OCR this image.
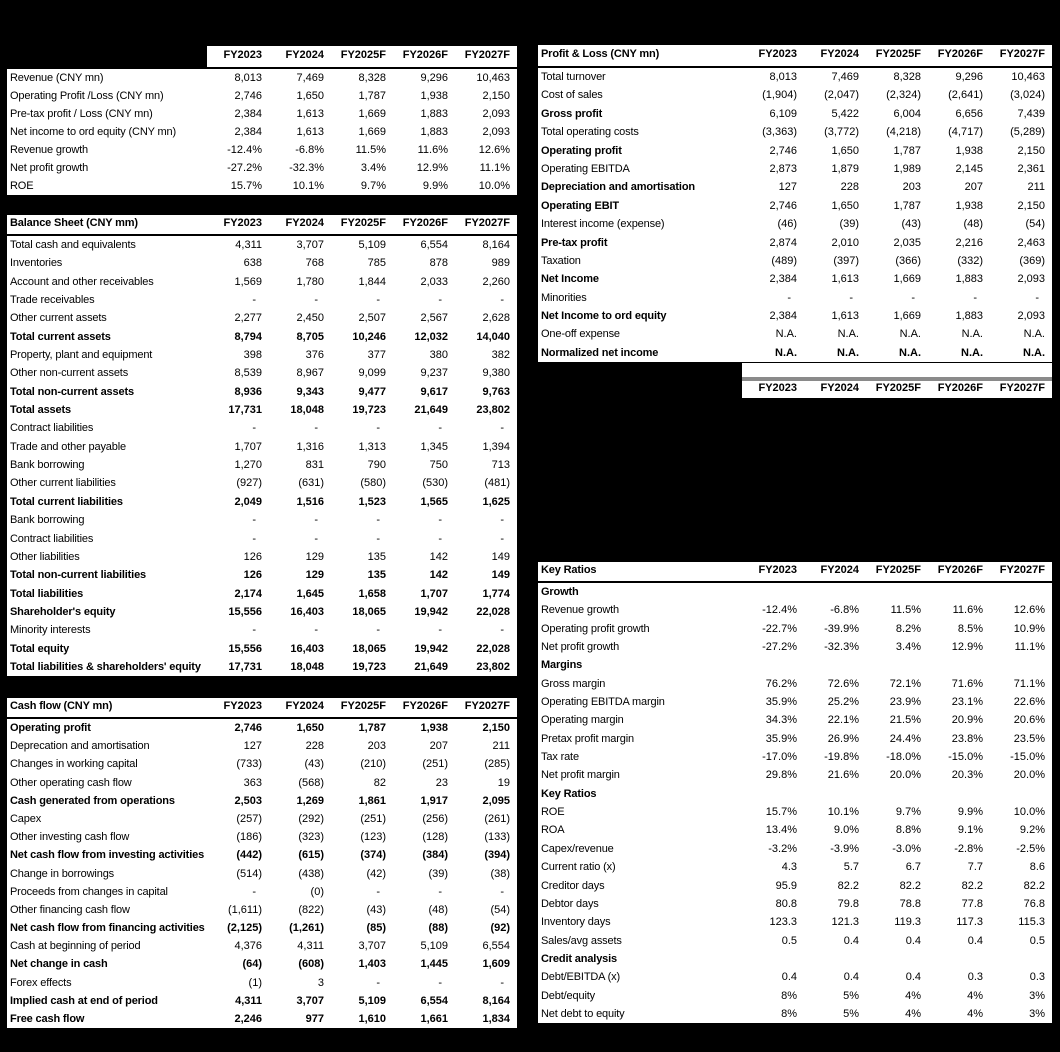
FY2023	FY2024	FY2025F	FY2026F	FY2027F
Revenue (CNY mn)	8,013	7,469	8,328	9,296	10,463
Operating Profit /Loss (CNY mn)	2,746	1,650	1,787	1,938	2,150
Pre-tax profit / Loss (CNY mn)	2,384	1,613	1,669	1,883	2,093
Net income to ord equity (CNY mn)	2,384	1,613	1,669	1,883	2,093
Revenue growth	-12.4%	-6.8%	11.5%	11.6%	12.6%
Net profit growth	-27.2%	-32.3%	3.4%	12.9%	11.1%
ROE	15.7%	10.1%	9.7%	9.9%	10.0%
Balance Sheet (CNY mm)	FY2023	FY2024	FY2025F	FY2026F	FY2027F
Total cash and equivalents	4,311	3,707	5,109	6,554	8,164
Inventories	638	768	785	878	989
Account and other receivables	1,569	1,780	1,844	2,033	2,260
Trade receivables	-	-	-	-	-
Other current assets	2,277	2,450	2,507	2,567	2,628
Total current assets	8,794	8,705	10,246	12,032	14,040
Property, plant and equipment	398	376	377	380	382
Other non-current assets	8,539	8,967	9,099	9,237	9,380
Total non-current assets	8,936	9,343	9,477	9,617	9,763
Total assets	17,731	18,048	19,723	21,649	23,802
Contract liabilities	-	-	-	-	-
Trade and other payable	1,707	1,316	1,313	1,345	1,394
Bank borrowing	1,270	831	790	750	713
Other current liabilities	(927)	(631)	(580)	(530)	(481)
Total current liabilities	2,049	1,516	1,523	1,565	1,625
Bank borrowing	-	-	-	-	-
Contract liabilities	-	-	-	-	-
Other liabilities	126	129	135	142	149
Total non-current liabilities	126	129	135	142	149
Total liabilities	2,174	1,645	1,658	1,707	1,774
Shareholder's equity	15,556	16,403	18,065	19,942	22,028
Minority interests	-	-	-	-	-
Total equity	15,556	16,403	18,065	19,942	22,028
Total liabilities & shareholders' equity	17,731	18,048	19,723	21,649	23,802
Cash flow (CNY mn)	FY2023	FY2024	FY2025F	FY2026F	FY2027F
Operating profit	2,746	1,650	1,787	1,938	2,150
Deprecation and amortisation	127	228	203	207	211
Changes in working capital	(733)	(43)	(210)	(251)	(285)
Other operating cash flow	363	(568)	82	23	19
Cash generated from operations	2,503	1,269	1,861	1,917	2,095
Capex	(257)	(292)	(251)	(256)	(261)
Other investing cash flow	(186)	(323)	(123)	(128)	(133)
Net cash flow from investing activities	(442)	(615)	(374)	(384)	(394)
Change in borrowings	(514)	(438)	(42)	(39)	(38)
Proceeds from changes in capital	-	(0)	-	-	-
Other financing cash flow	(1,611)	(822)	(43)	(48)	(54)
Net cash flow from financing activities	(2,125)	(1,261)	(85)	(88)	(92)
Cash at beginning of period	4,376	4,311	3,707	5,109	6,554
Net change in cash	(64)	(608)	1,403	1,445	1,609
Forex effects	(1)	3	-	-	-
Implied cash at end of period	4,311	3,707	5,109	6,554	8,164
Free cash flow	2,246	977	1,610	1,661	1,834
Profit & Loss (CNY mn)	FY2023	FY2024	FY2025F	FY2026F	FY2027F
Total turnover	8,013	7,469	8,328	9,296	10,463
Cost of sales	(1,904)	(2,047)	(2,324)	(2,641)	(3,024)
Gross profit	6,109	5,422	6,004	6,656	7,439
Total operating costs	(3,363)	(3,772)	(4,218)	(4,717)	(5,289)
Operating profit	2,746	1,650	1,787	1,938	2,150
Operating EBITDA	2,873	1,879	1,989	2,145	2,361
Depreciation and amortisation	127	228	203	207	211
Operating EBIT	2,746	1,650	1,787	1,938	2,150
Interest income (expense)	(46)	(39)	(43)	(48)	(54)
Pre-tax profit	2,874	2,010	2,035	2,216	2,463
Taxation	(489)	(397)	(366)	(332)	(369)
Net Income	2,384	1,613	1,669	1,883	2,093
Minorities	-	-	-	-	-
Net Income to ord equity	2,384	1,613	1,669	1,883	2,093
One-off expense	N.A.	N.A.	N.A.	N.A.	N.A.
Normalized net income	N.A.	N.A.	N.A.	N.A.	N.A.
FY2023	FY2024	FY2025F	FY2026F	FY2027F
Key Ratios	FY2023	FY2024	FY2025F	FY2026F	FY2027F
Growth
Revenue growth	-12.4%	-6.8%	11.5%	11.6%	12.6%
Operating profit growth	-22.7%	-39.9%	8.2%	8.5%	10.9%
Net profit growth	-27.2%	-32.3%	3.4%	12.9%	11.1%
Margins
Gross margin	76.2%	72.6%	72.1%	71.6%	71.1%
Operating EBITDA margin	35.9%	25.2%	23.9%	23.1%	22.6%
Operating margin	34.3%	22.1%	21.5%	20.9%	20.6%
Pretax profit margin	35.9%	26.9%	24.4%	23.8%	23.5%
Tax rate	-17.0%	-19.8%	-18.0%	-15.0%	-15.0%
Net profit margin	29.8%	21.6%	20.0%	20.3%	20.0%
Key Ratios
ROE	15.7%	10.1%	9.7%	9.9%	10.0%
ROA	13.4%	9.0%	8.8%	9.1%	9.2%
Capex/revenue	-3.2%	-3.9%	-3.0%	-2.8%	-2.5%
Current ratio (x)	4.3	5.7	6.7	7.7	8.6
Creditor days	95.9	82.2	82.2	82.2	82.2
Debtor days	80.8	79.8	78.8	77.8	76.8
Inventory days	123.3	121.3	119.3	117.3	115.3
Sales/avg assets	0.5	0.4	0.4	0.4	0.5
Credit analysis
Debt/EBITDA (x)	0.4	0.4	0.4	0.3	0.3
Debt/equity	8%	5%	4%	4%	3%
Net debt to equity	8%	5%	4%	4%	3%
